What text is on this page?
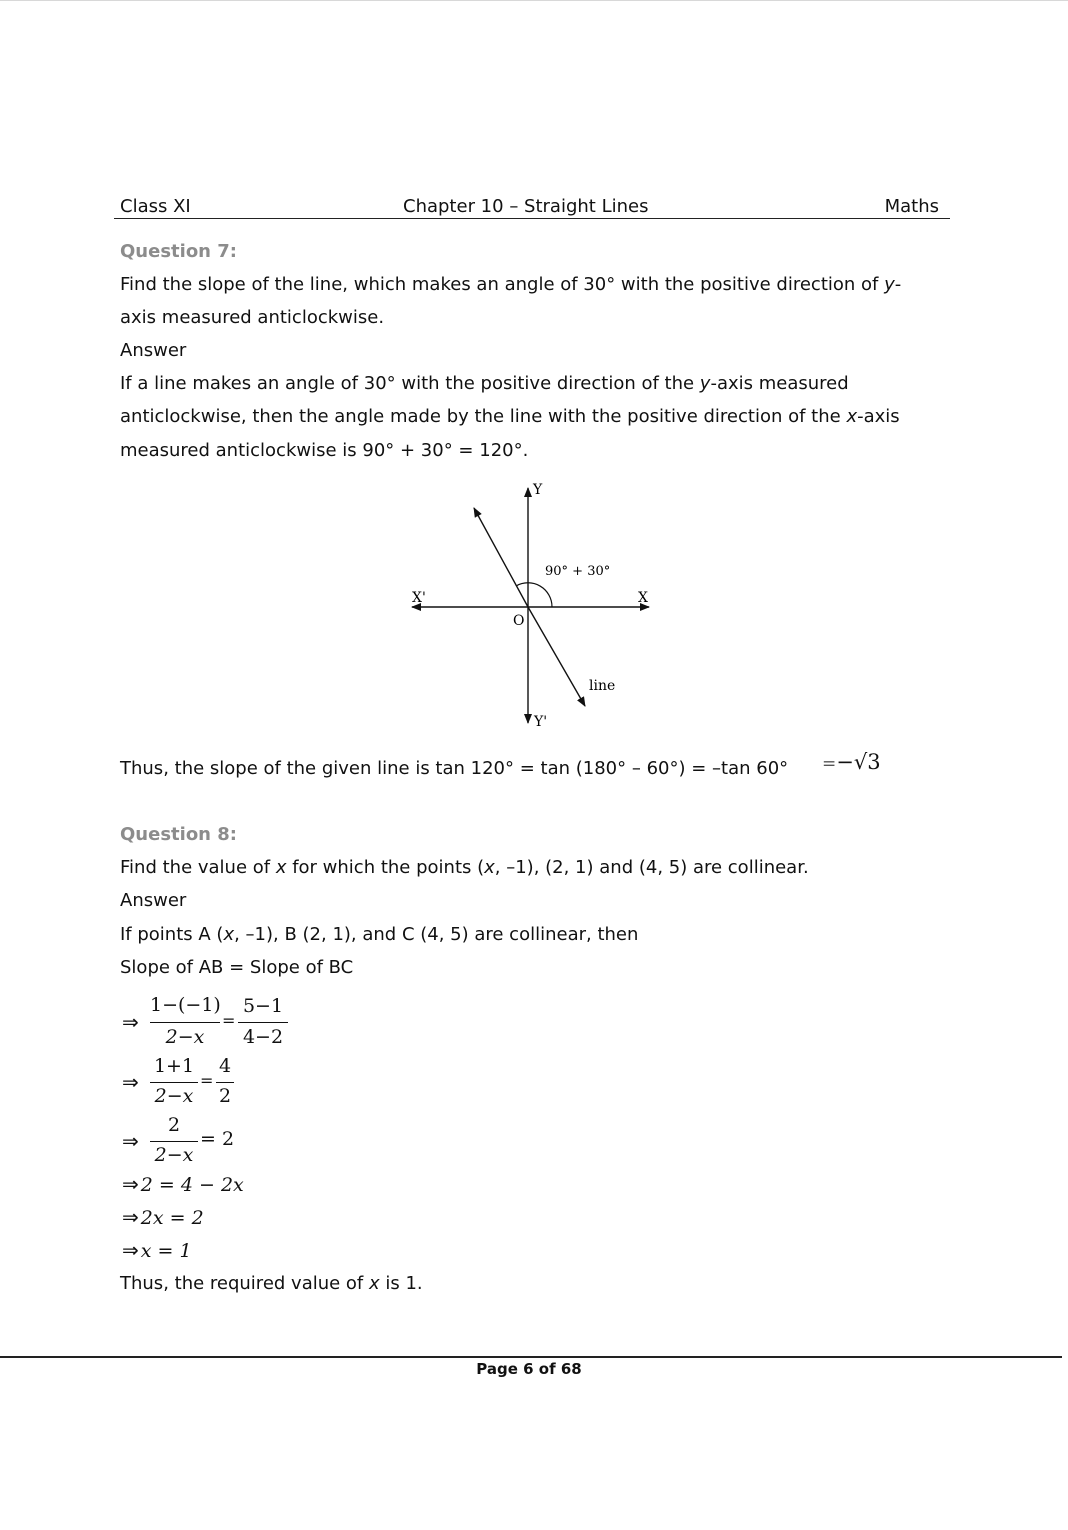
Class XI	Chapter 10 – Straight Lines	Maths
Question 7:
Find the slope of the line, which makes an angle of 30° with the positive direction of y-
axis measured anticlockwise.
Answer
If a line makes an angle of 30° with the positive direction of the y-axis measured
anticlockwise, then the angle made by the line with the positive direction of the x-axis
measured anticlockwise is 90° + 30° = 120°.
Y
Y'
X
X'
O
90° + 30°
line
Thus, the slope of the given line is tan 120° = tan (180° – 60°) = –tan 60° =−√3
Question 8:
Find the value of x for which the points (x, –1), (2, 1) and (4, 5) are collinear.
Answer
If points A (x, –1), B (2, 1), and C (4, 5) are collinear, then
Slope of AB = Slope of BC
⇒
1−(−1)
2−x
=
5−1
4−2
⇒
1+1
2−x
=
4
2
⇒
2
2−x
= 2
⇒ 2 = 4 − 2x
⇒ 2x = 2
⇒ x = 1
Thus, the required value of x is 1.
Page 6 of 68
